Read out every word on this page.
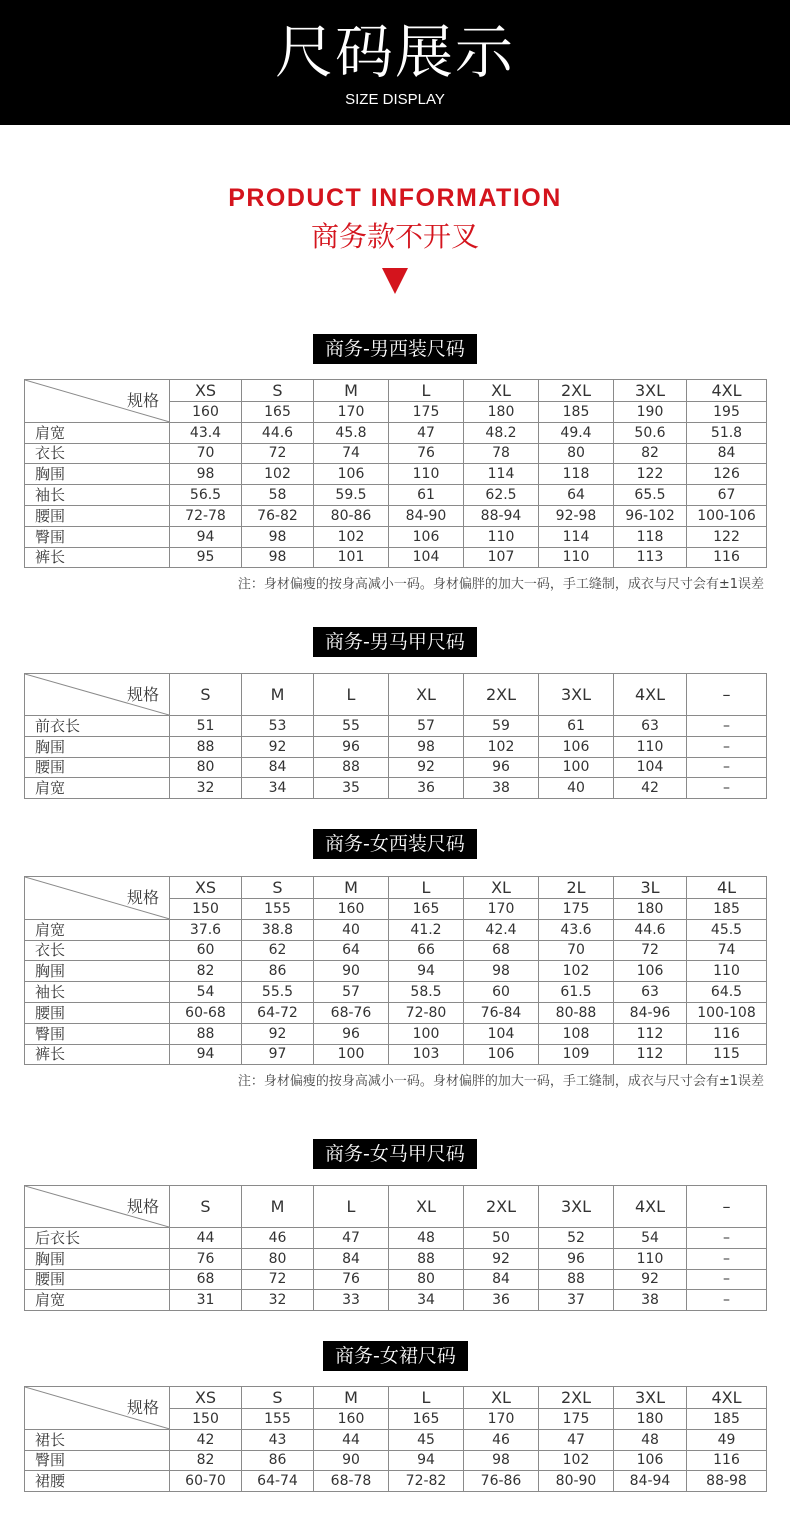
尺码展示
SIZE DISPLAY
PRODUCT INFORMATION
商务款不开叉
商务-男西装尺码
规格	XS	S	M	L	XL	2XL	3XL	4XL
	160	165	170	175	180	185	190	195
肩宽	43.4	44.6	45.8	47	48.2	49.4	50.6	51.8
衣长	70	72	74	76	78	80	82	84
胸围	98	102	106	110	114	118	122	126
袖长	56.5	58	59.5	61	62.5	64	65.5	67
腰围	72-78	76-82	80-86	84-90	88-94	92-98	96-102	100-106
臀围	94	98	102	106	110	114	118	122
裤长	95	98	101	104	107	110	113	116
注：身材偏瘦的按身高减小一码。身材偏胖的加大一码，手工缝制，成衣与尺寸会有±1误差
商务-男马甲尺码
规格	S	M	L	XL	2XL	3XL	4XL	–
前衣长	51	53	55	57	59	61	63	–
胸围	88	92	96	98	102	106	110	–
腰围	80	84	88	92	96	100	104	–
肩宽	32	34	35	36	38	40	42	–
商务-女西装尺码
规格	XS	S	M	L	XL	2L	3L	4L
	150	155	160	165	170	175	180	185
肩宽	37.6	38.8	40	41.2	42.4	43.6	44.6	45.5
衣长	60	62	64	66	68	70	72	74
胸围	82	86	90	94	98	102	106	110
袖长	54	55.5	57	58.5	60	61.5	63	64.5
腰围	60-68	64-72	68-76	72-80	76-84	80-88	84-96	100-108
臀围	88	92	96	100	104	108	112	116
裤长	94	97	100	103	106	109	112	115
注：身材偏瘦的按身高减小一码。身材偏胖的加大一码，手工缝制，成衣与尺寸会有±1误差
商务-女马甲尺码
规格	S	M	L	XL	2XL	3XL	4XL	–
后衣长	44	46	47	48	50	52	54	–
胸围	76	80	84	88	92	96	110	–
腰围	68	72	76	80	84	88	92	–
肩宽	31	32	33	34	36	37	38	–
商务-女裙尺码
规格	XS	S	M	L	XL	2XL	3XL	4XL
	150	155	160	165	170	175	180	185
裙长	42	43	44	45	46	47	48	49
臀围	82	86	90	94	98	102	106	116
裙腰	60-70	64-74	68-78	72-82	76-86	80-90	84-94	88-98
